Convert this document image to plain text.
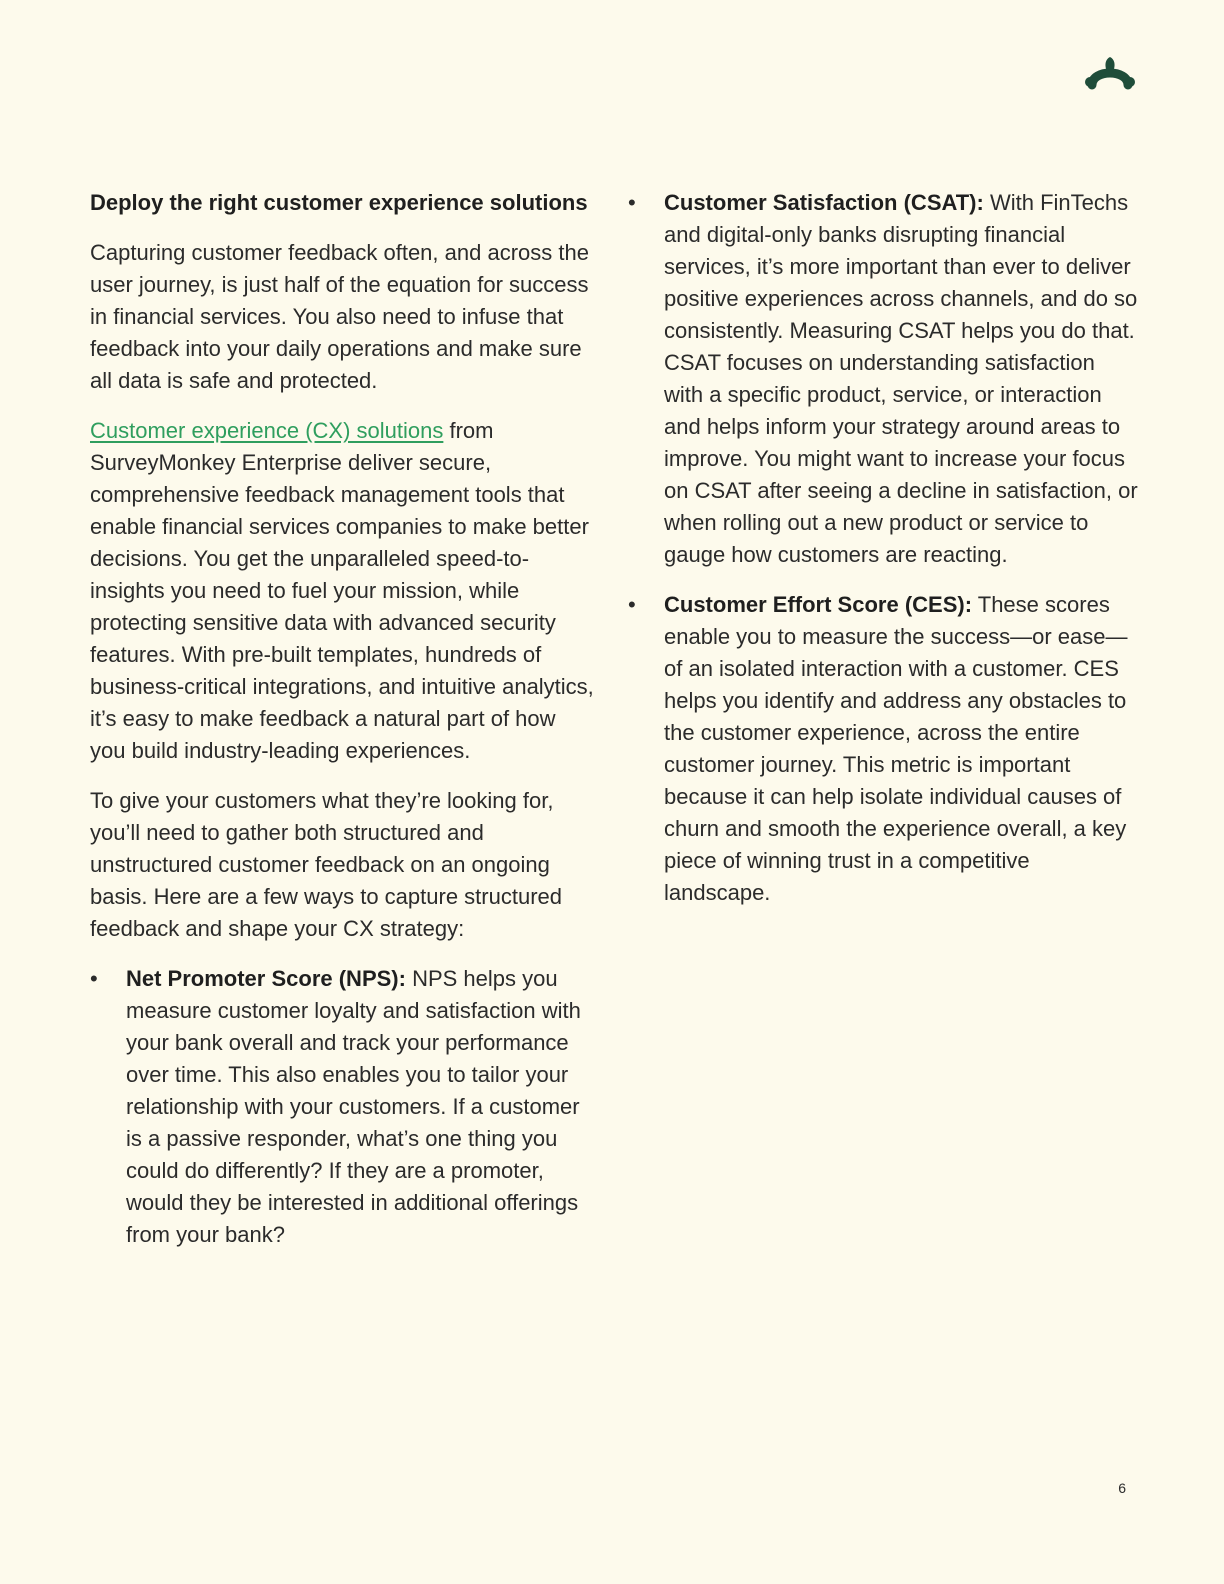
Deploy the right customer experience solutions

Capturing customer feedback often, and across the user journey, is just half of the equation for success in financial services. You also need to infuse that feedback into your daily operations and make sure all data is safe and protected.

Customer experience (CX) solutions from SurveyMonkey Enterprise deliver secure, comprehensive feedback management tools that enable financial services companies to make better decisions. You get the unparalleled speed-to-insights you need to fuel your mission, while protecting sensitive data with advanced security features. With pre-built templates, hundreds of business-critical integrations, and intuitive analytics, it’s easy to make feedback a natural part of how you build industry-leading experiences.

To give your customers what they’re looking for, you’ll need to gather both structured and unstructured customer feedback on an ongoing basis. Here are a few ways to capture structured feedback and shape your CX strategy:

• Net Promoter Score (NPS): NPS helps you measure customer loyalty and satisfaction with your bank overall and track your performance over time. This also enables you to tailor your relationship with your customers. If a customer is a passive responder, what’s one thing you could do differently? If they are a promoter, would they be interested in additional offerings from your bank?
• Customer Satisfaction (CSAT): With FinTechs and digital-only banks disrupting financial services, it’s more important than ever to deliver positive experiences across channels, and do so consistently. Measuring CSAT helps you do that. CSAT focuses on understanding satisfaction with a specific product, service, or interaction and helps inform your strategy around areas to improve. You might want to increase your focus on CSAT after seeing a decline in satisfaction, or when rolling out a new product or service to gauge how customers are reacting.
• Customer Effort Score (CES): These scores enable you to measure the success—or ease—of an isolated interaction with a customer. CES helps you identify and address any obstacles to the customer experience, across the entire customer journey. This metric is important because it can help isolate individual causes of churn and smooth the experience overall, a key piece of winning trust in a competitive landscape.
6
